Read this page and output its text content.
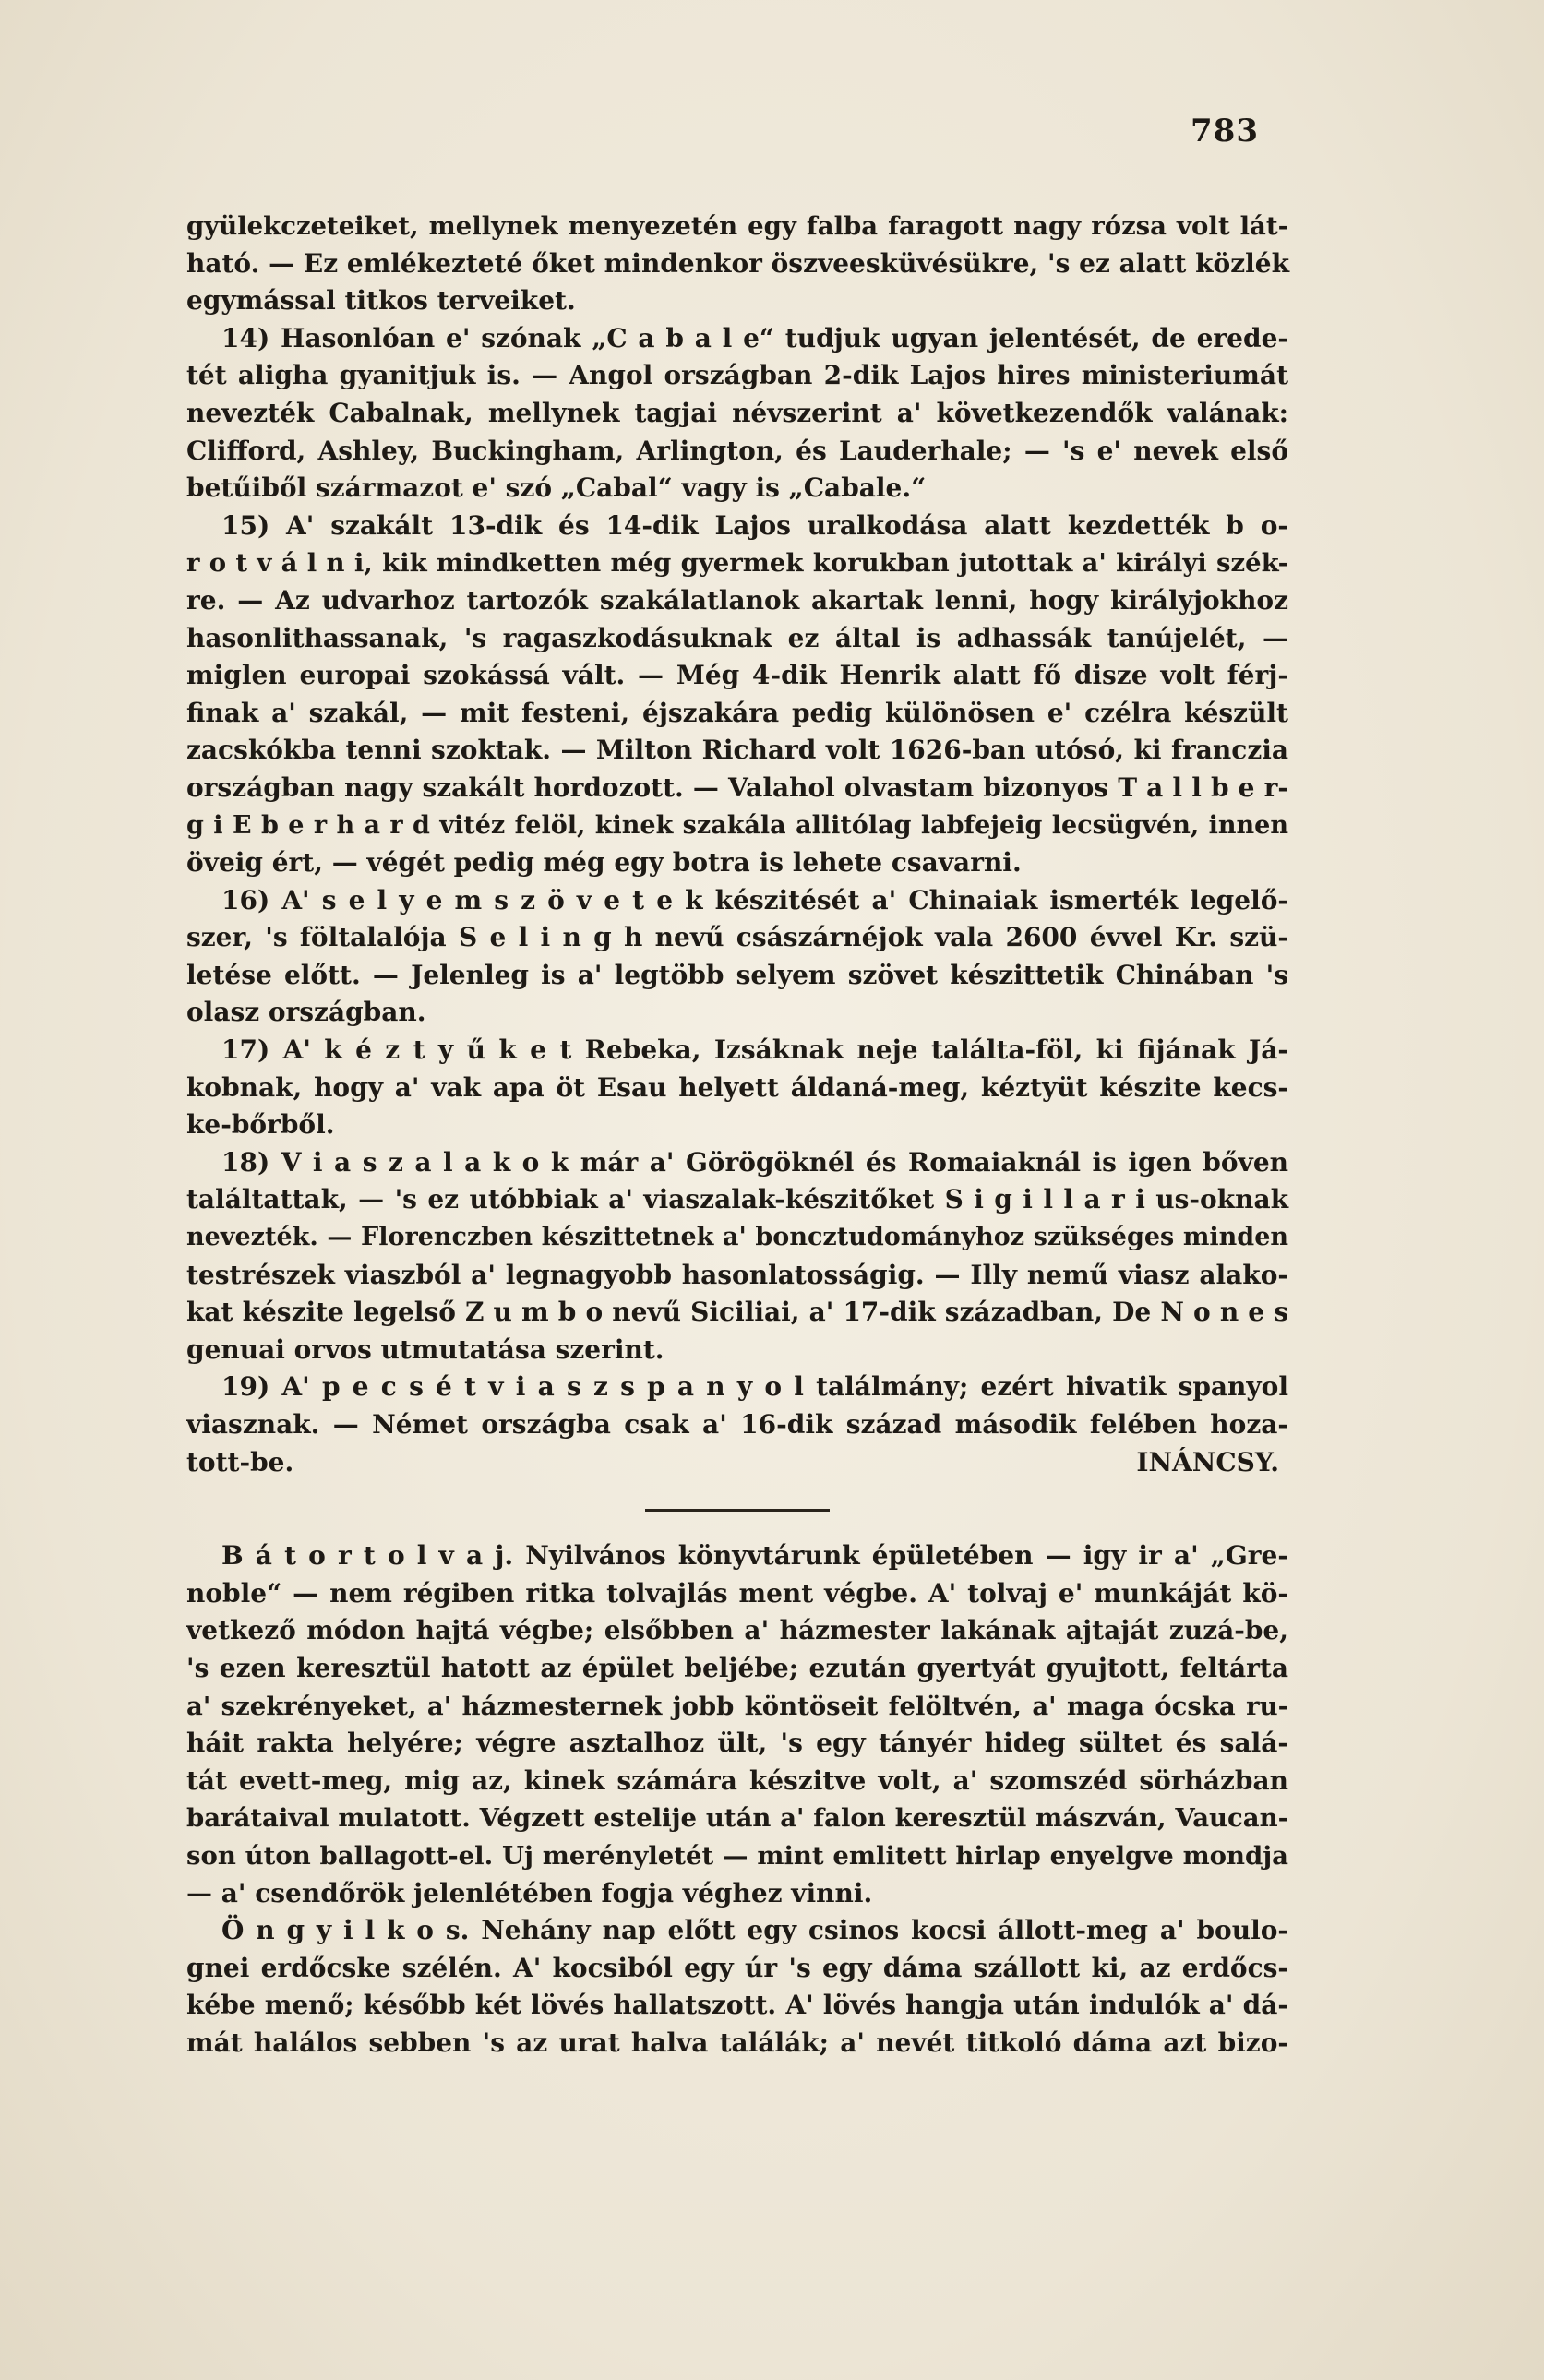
783
gyülekczeteiket, mellynek menyezetén egy falba faragott nagy rózsa volt lát-
ható. — Ez emlékezteté őket mindenkor öszveesküvésükre, 's ez alatt közlék
egymással titkos terveiket.
14) Hasonlóan e' szónak „C a b a l e“ tudjuk ugyan jelentését, de erede-
tét aligha gyanitjuk is. — Angol országban 2-dik Lajos hires ministeriumát
nevezték Cabalnak, mellynek tagjai névszerint a' következendők valának:
Clifford, Ashley, Buckingham, Arlington, és Lauderhale; — 's e' nevek első
betűiből származot e' szó „Cabal“ vagy is „Cabale.“
15) A' szakált 13-dik és 14-dik Lajos uralkodása alatt kezdették b o-
r o t v á l n i, kik mindketten még gyermek korukban jutottak a' királyi szék-
re. — Az udvarhoz tartozók szakálatlanok akartak lenni, hogy királyjokhoz
hasonlithassanak, 's ragaszkodásuknak ez által is adhassák tanújelét, —
miglen europai szokássá vált. — Még 4-dik Henrik alatt fő disze volt férj-
finak a' szakál, — mit festeni, éjszakára pedig különösen e' czélra készült
zacskókba tenni szoktak. — Milton Richard volt 1626-ban utósó, ki franczia
országban nagy szakált hordozott. — Valahol olvastam bizonyos T a l l b e r-
g i E b e r h a r d vitéz felöl, kinek szakála allitólag labfejeig lecsügvén, innen
öveig ért, — végét pedig még egy botra is lehete csavarni.
16) A' s e l y e m s z ö v e t e k készitését a' Chinaiak ismerték legelő-
szer, 's föltalalója S e l i n g h nevű császárnéjok vala 2600 évvel Kr. szü-
letése előtt. — Jelenleg is a' legtöbb selyem szövet készittetik Chinában 's
olasz országban.
17) A' k é z t y ű k e t Rebeka, Izsáknak neje találta-föl, ki fijának Já-
kobnak, hogy a' vak apa öt Esau helyett áldaná-meg, kéztyüt készite kecs-
ke-bőrből.
18) V i a s z a l a k o k már a' Görögöknél és Romaiaknál is igen bőven
találtattak, — 's ez utóbbiak a' viaszalak-készitőket S i g i l l a r i us-oknak
nevezték. — Florenczben készittetnek a' boncztudományhoz szükséges minden
testrészek viaszból a' legnagyobb hasonlatosságig. — Illy nemű viasz alako-
kat készite legelső Z u m b o nevű Siciliai, a' 17-dik században, De N o n e s
genuai orvos utmutatása szerint.
19) A' p e c s é t v i a s z s p a n y o l találmány; ezért hivatik spanyol
viasznak. — Német országba csak a' 16-dik század második felében hoza-
tott-be.	INÁNCSY.
B á t o r t o l v a j. Nyilvános könyvtárunk épületében — igy ir a' „Gre-
noble“ — nem régiben ritka tolvajlás ment végbe. A' tolvaj e' munkáját kö-
vetkező módon hajtá végbe; elsőbben a' házmester lakának ajtaját zuzá-be,
's ezen keresztül hatott az épület beljébe; ezután gyertyát gyujtott, feltárta
a' szekrényeket, a' házmesternek jobb köntöseit felöltvén, a' maga ócska ru-
háit rakta helyére; végre asztalhoz ült, 's egy tányér hideg sültet és salá-
tát evett-meg, mig az, kinek számára készitve volt, a' szomszéd sörházban
barátaival mulatott. Végzett estelije után a' falon keresztül mászván, Vaucan-
son úton ballagott-el. Uj merényletét — mint emlitett hirlap enyelgve mondja
— a' csendőrök jelenlétében fogja véghez vinni.
Ö n g y i l k o s. Nehány nap előtt egy csinos kocsi állott-meg a' boulo-
gnei erdőcske szélén. A' kocsiból egy úr 's egy dáma szállott ki, az erdőcs-
kébe menő; később két lövés hallatszott. A' lövés hangja után indulók a' dá-
mát halálos sebben 's az urat halva találák; a' nevét titkoló dáma azt bizo-
